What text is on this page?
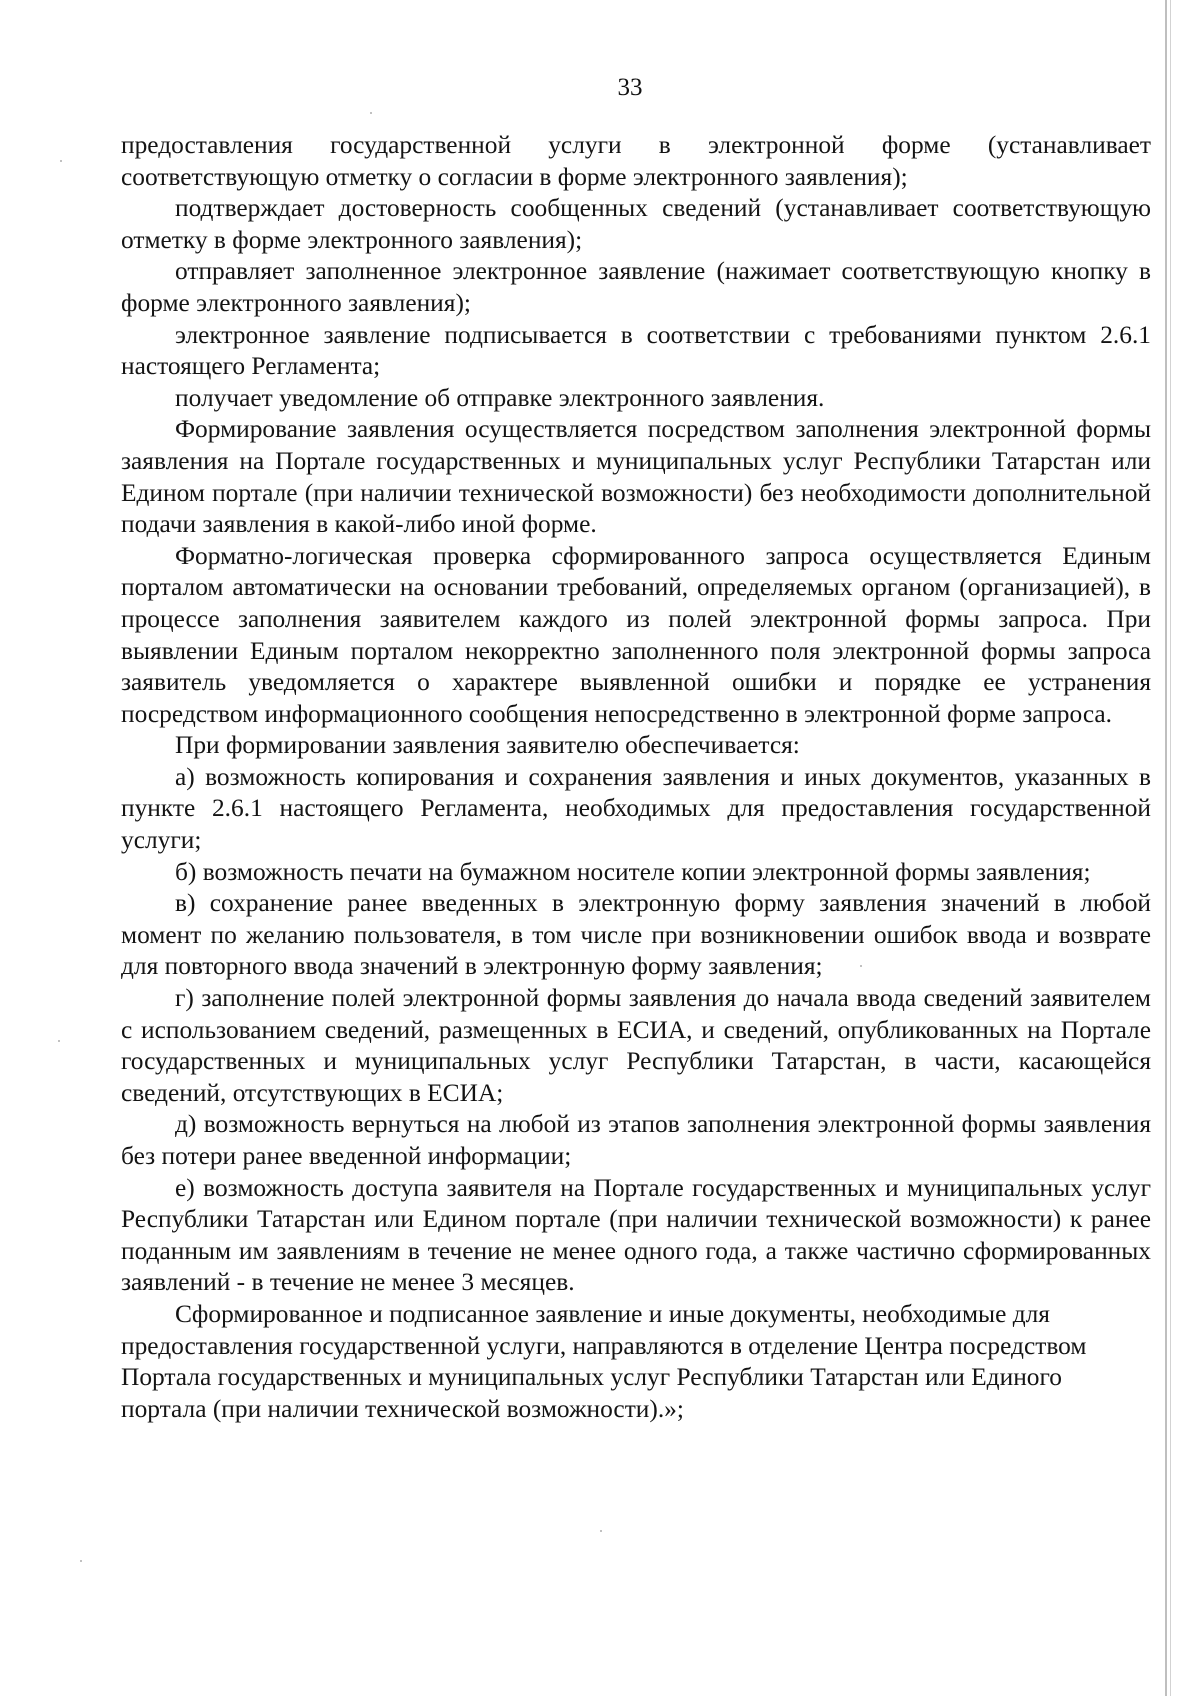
33

предоставления государственной услуги в электронной форме (устанавливает соответствующую отметку о согласии в форме электронного заявления);

подтверждает достоверность сообщенных сведений (устанавливает соответствующую отметку в форме электронного заявления);

отправляет заполненное электронное заявление (нажимает соответствующую кнопку в форме электронного заявления);

электронное заявление подписывается в соответствии с требованиями пунктом 2.6.1 настоящего Регламента;

получает уведомление об отправке электронного заявления.

Формирование заявления осуществляется посредством заполнения электронной формы заявления на Портале государственных и муниципальных услуг Республики Татарстан или Едином портале (при наличии технической возможности) без необходимости дополнительной подачи заявления в какой-либо иной форме.

Форматно-логическая проверка сформированного запроса осуществляется Единым порталом автоматически на основании требований, определяемых органом (организацией), в процессе заполнения заявителем каждого из полей электронной формы запроса. При выявлении Единым порталом некорректно заполненного поля электронной формы запроса заявитель уведомляется о характере выявленной ошибки и порядке ее устранения посредством информационного сообщения непосредственно в электронной форме запроса.

При формировании заявления заявителю обеспечивается:

а) возможность копирования и сохранения заявления и иных документов, указанных в пункте 2.6.1 настоящего Регламента, необходимых для предоставления государственной услуги;

б) возможность печати на бумажном носителе копии электронной формы заявления;

в) сохранение ранее введенных в электронную форму заявления значений в любой момент по желанию пользователя, в том числе при возникновении ошибок ввода и возврате для повторного ввода значений в электронную форму заявления;

г) заполнение полей электронной формы заявления до начала ввода сведений заявителем с использованием сведений, размещенных в ЕСИА, и сведений, опубликованных на Портале государственных и муниципальных услуг Республики Татарстан, в части, касающейся сведений, отсутствующих в ЕСИА;

д) возможность вернуться на любой из этапов заполнения электронной формы заявления без потери ранее введенной информации;

е) возможность доступа заявителя на Портале государственных и муниципальных услуг Республики Татарстан или Едином портале (при наличии технической возможности) к ранее поданным им заявлениям в течение не менее одного года, а также частично сформированных заявлений - в течение не менее 3 месяцев.

Сформированное и подписанное заявление и иные документы, необходимые для предоставления государственной услуги, направляются в отделение Центра посредством Портала государственных и муниципальных услуг Республики Татарстан или Единого портала (при наличии технической возможности).»;
